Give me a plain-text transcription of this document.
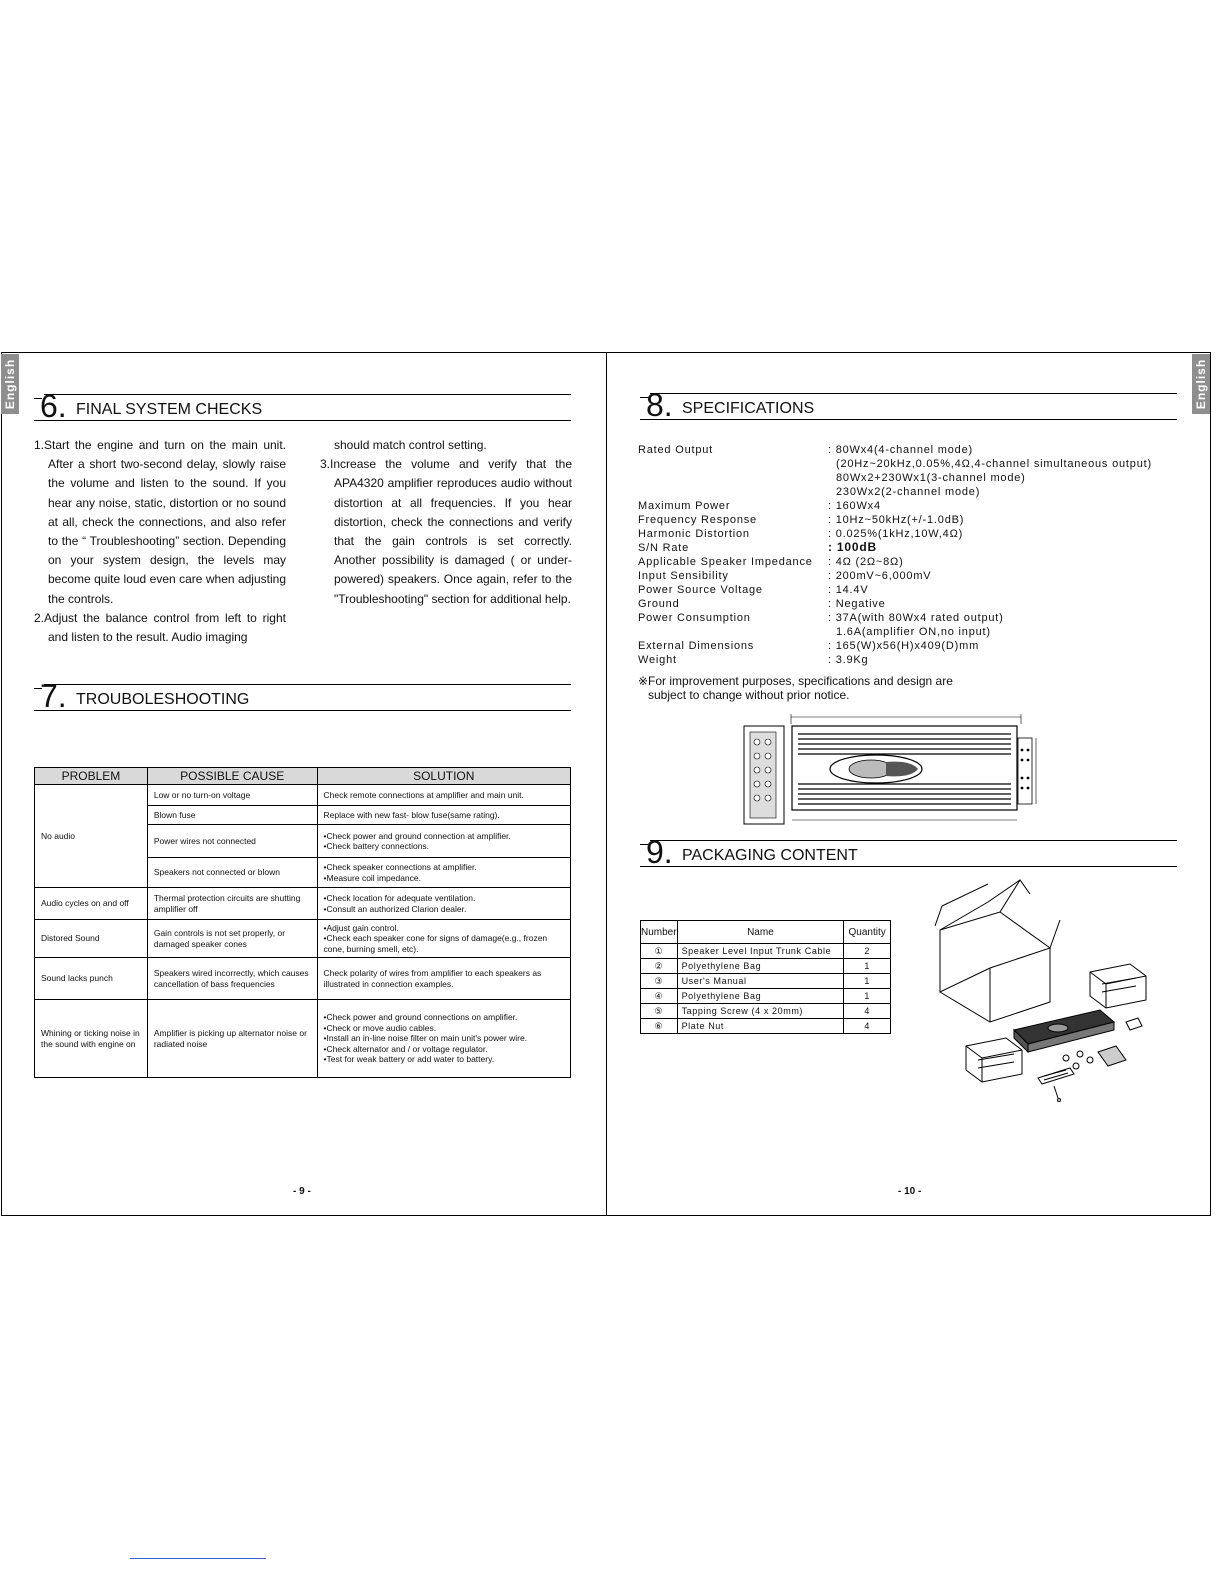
English	English
6. FINAL SYSTEM CHECKS

1.Start the engine and turn on the main unit. After a short two-second delay, slowly raise the volume and listen to the sound. If you hear any noise, static, distortion or no sound at all, check the connections, and also refer to the “ Troubleshooting” section. Depending on your system design, the levels may become quite loud even care when adjusting the controls.

2.Adjust the balance control from left to right and listen to the result. Audio imaging

should match control setting.

3.Increase the volume and verify that the APA4320 amplifier reproduces audio without distortion at all frequencies. If you hear distortion, check the connections and verify that the gain controls is set correctly. Another possibility is damaged ( or under-powered) speakers. Once again, refer to the "Troubleshooting" section for additional help.

7. TROUBOLESHOOTING
PROBLEM	POSSIBLE CAUSE	SOLUTION
No audio	Low or no turn-on voltage	Check remote connections at amplifier and main unit.

	Blown fuse	Replace with new fast- blow fuse(same rating).

	Power wires not connected	•Check power and ground connection at amplifier.
•Check battery connections.

	Speakers not connected or blown	•Check speaker connections at amplifier.
•Measure coil impedance.

Audio cycles on and off	Thermal protection circuits are shutting amplifier off	•Check location for adequate ventilation.
•Consult an authorized Clarion dealer.

Distored Sound	Gain controls is not set properly, or damaged speaker cones	•Adjust gain control.
•Check each speaker cone for signs of damage(e.g., frozen cone, burning smell, etc).

Sound lacks punch	Speakers wired incorrectly, which causes cancellation of bass frequencies	Check polarity of wires from amplifier to each speakers as illustrated in connection examples.

Whining or ticking noise in the sound with engine on	Amplifier is picking up alternator noise or radiated noise	•Check power and ground connections on amplifier.
•Check or move audio cables.
•Install an in-line noise filter on main unit's power wire.
•Check alternator and / or voltage regulator.
•Test for weak battery or add water to battery.
- 9 -
8. SPECIFICATIONS
Rated Output	: 80Wx4(4-channel mode)
(20Hz~20kHz,0.05%,4Ω,4-channel simultaneous output)
80Wx2+230Wx1(3-channel mode)
230Wx2(2-channel mode)
Maximum Power	: 160Wx4
Frequency Response	: 10Hz~50kHz(+/-1.0dB)
Harmonic Distortion	: 0.025%(1kHz,10W,4Ω)
S/N Rate	: 100dB
Applicable Speaker Impedance : 4Ω (2Ω~8Ω)
Input Sensibility	: 200mV~6,000mV
Power Source Voltage	: 14.4V
Ground	: Negative
Power Consumption	: 37A(with 80Wx4 rated output)
1.6A(amplifier ON,no input)
External Dimensions	: 165(W)x56(H)x409(D)mm
Weight	: 3.9Kg
※For improvement purposes, specifications and design are
subject to change without prior notice.
9. PACKAGING CONTENT
Number	Name	Quantity
①	Speaker Level Input Trunk Cable	2
②	Polyethylene Bag	1
③	User's Manual	1
④	Polyethylene Bag	1
⑤	Tapping Screw (4 x 20mm)	4
⑥	Plate Nut	4
- 10 -
